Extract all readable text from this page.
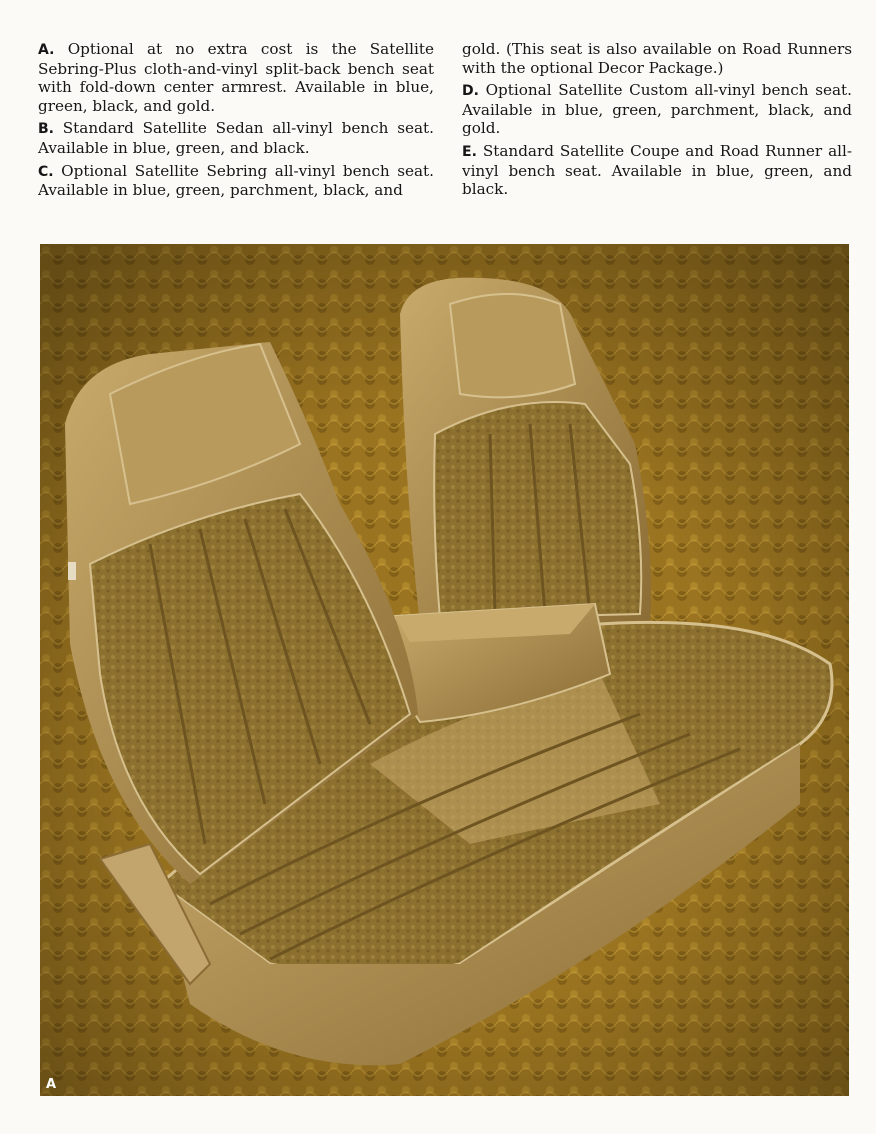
A. Optional at no extra cost is the Satellite Sebring-Plus cloth-and-vinyl split-back bench seat with fold-down center armrest. Available in blue, green, black, and gold.

B. Standard Satellite Sedan all-vinyl bench seat. Available in blue, green, and black.

C. Optional Satellite Sebring all-vinyl bench seat. Available in blue, green, parchment, black, and

gold. (This seat is also available on Road Runners with the optional Decor Package.)

D. Optional Satellite Custom all-vinyl bench seat. Available in blue, green, parchment, black, and gold.

E. Standard Satellite Coupe and Road Runner all-vinyl bench seat. Available in blue, green, and black.

A
